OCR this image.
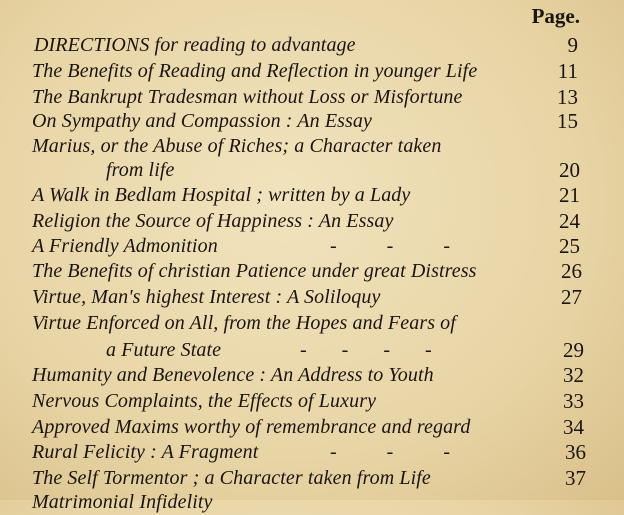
Page.
DIRECTIONS for reading to advantage	9
The Benefits of Reading and Reflection in younger Life	11
The Bankrupt Tradesman without Loss or Misfortune	13
On Sympathy and Compassion : An Essay	15
Marius, or the Abuse of Riches; a Character taken
from life	20
A Walk in Bedlam Hospital ; written by a Lady	21
Religion the Source of Happiness : An Essay	24
A Friendly Admonition	-          -          -	25
The Benefits of christian Patience under great Distress	26
Virtue, Man's highest Interest : A Soliloquy	27
Virtue Enforced on All, from the Hopes and Fears of
a Future State	-       -       -       -	29
Humanity and Benevolence : An Address to Youth	32
Nervous Complaints, the Effects of Luxury	33
Approved Maxims worthy of remembrance and regard	34
Rural Felicity : A Fragment	-          -          -	36
The Self Tormentor ; a Character taken from Life	37
Matrimonial Infidelity
